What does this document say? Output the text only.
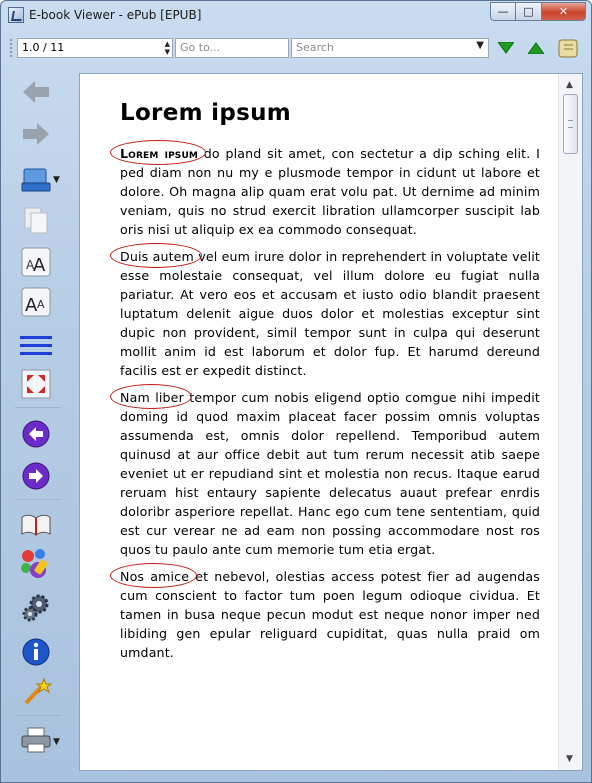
E-book Viewer - ePub [EPUB]	—	□	✕
1.0 / 11	▲
▼ Go to...	Search	▼
▼
A
A
A A
▼
Lorem ipsum

Lorem ipsum
do pland sit amet, con sectetur a dip sching elit. I ped diam non nu my e plusmode tempor in cidunt ut labore et dolore. Oh magna alip quam erat volu pat. Ut dernime ad minim veniam, quis no strud exercit libration ullamcorper suscipit lab oris nisi ut aliquip ex ea commodo consequat.

Duis autem
vel eum irure dolor in reprehendert in voluptate velit esse molestaie consequat, vel illum dolore eu fugiat nulla pariatur. At vero eos et accusam et iusto odio blandit praesent luptatum delenit aigue duos dolor et molestias exceptur sint dupic non provident, simil tempor sunt in culpa qui deserunt mollit anim id est laborum et dolor fup. Et harumd dereund facilis est er expedit distinct.

Nam liber
tempor cum nobis eligend optio comgue nihi impedit doming id quod maxim placeat facer possim omnis voluptas assumenda est, omnis dolor repellend. Temporibud autem quinusd at aur office debit aut tum rerum necessit atib saepe eveniet ut er repudiand sint et molestia non recus. Itaque earud reruam hist entaury sapiente delecatus auaut prefear enrdis doloribr asperiore repellat. Hanc ego cum tene sententiam, quid est cur verear ne ad eam non possing accommodare nost ros quos tu paulo ante cum memorie tum etia ergat.

Nos amice
et nebevol, olestias access potest fier ad augendas cum conscient to factor tum poen legum odioque cividua. Et tamen in busa neque pecun modut est neque nonor imper ned libiding gen epular religuard cupiditat, quas nulla praid om umdant.

▲
▼
